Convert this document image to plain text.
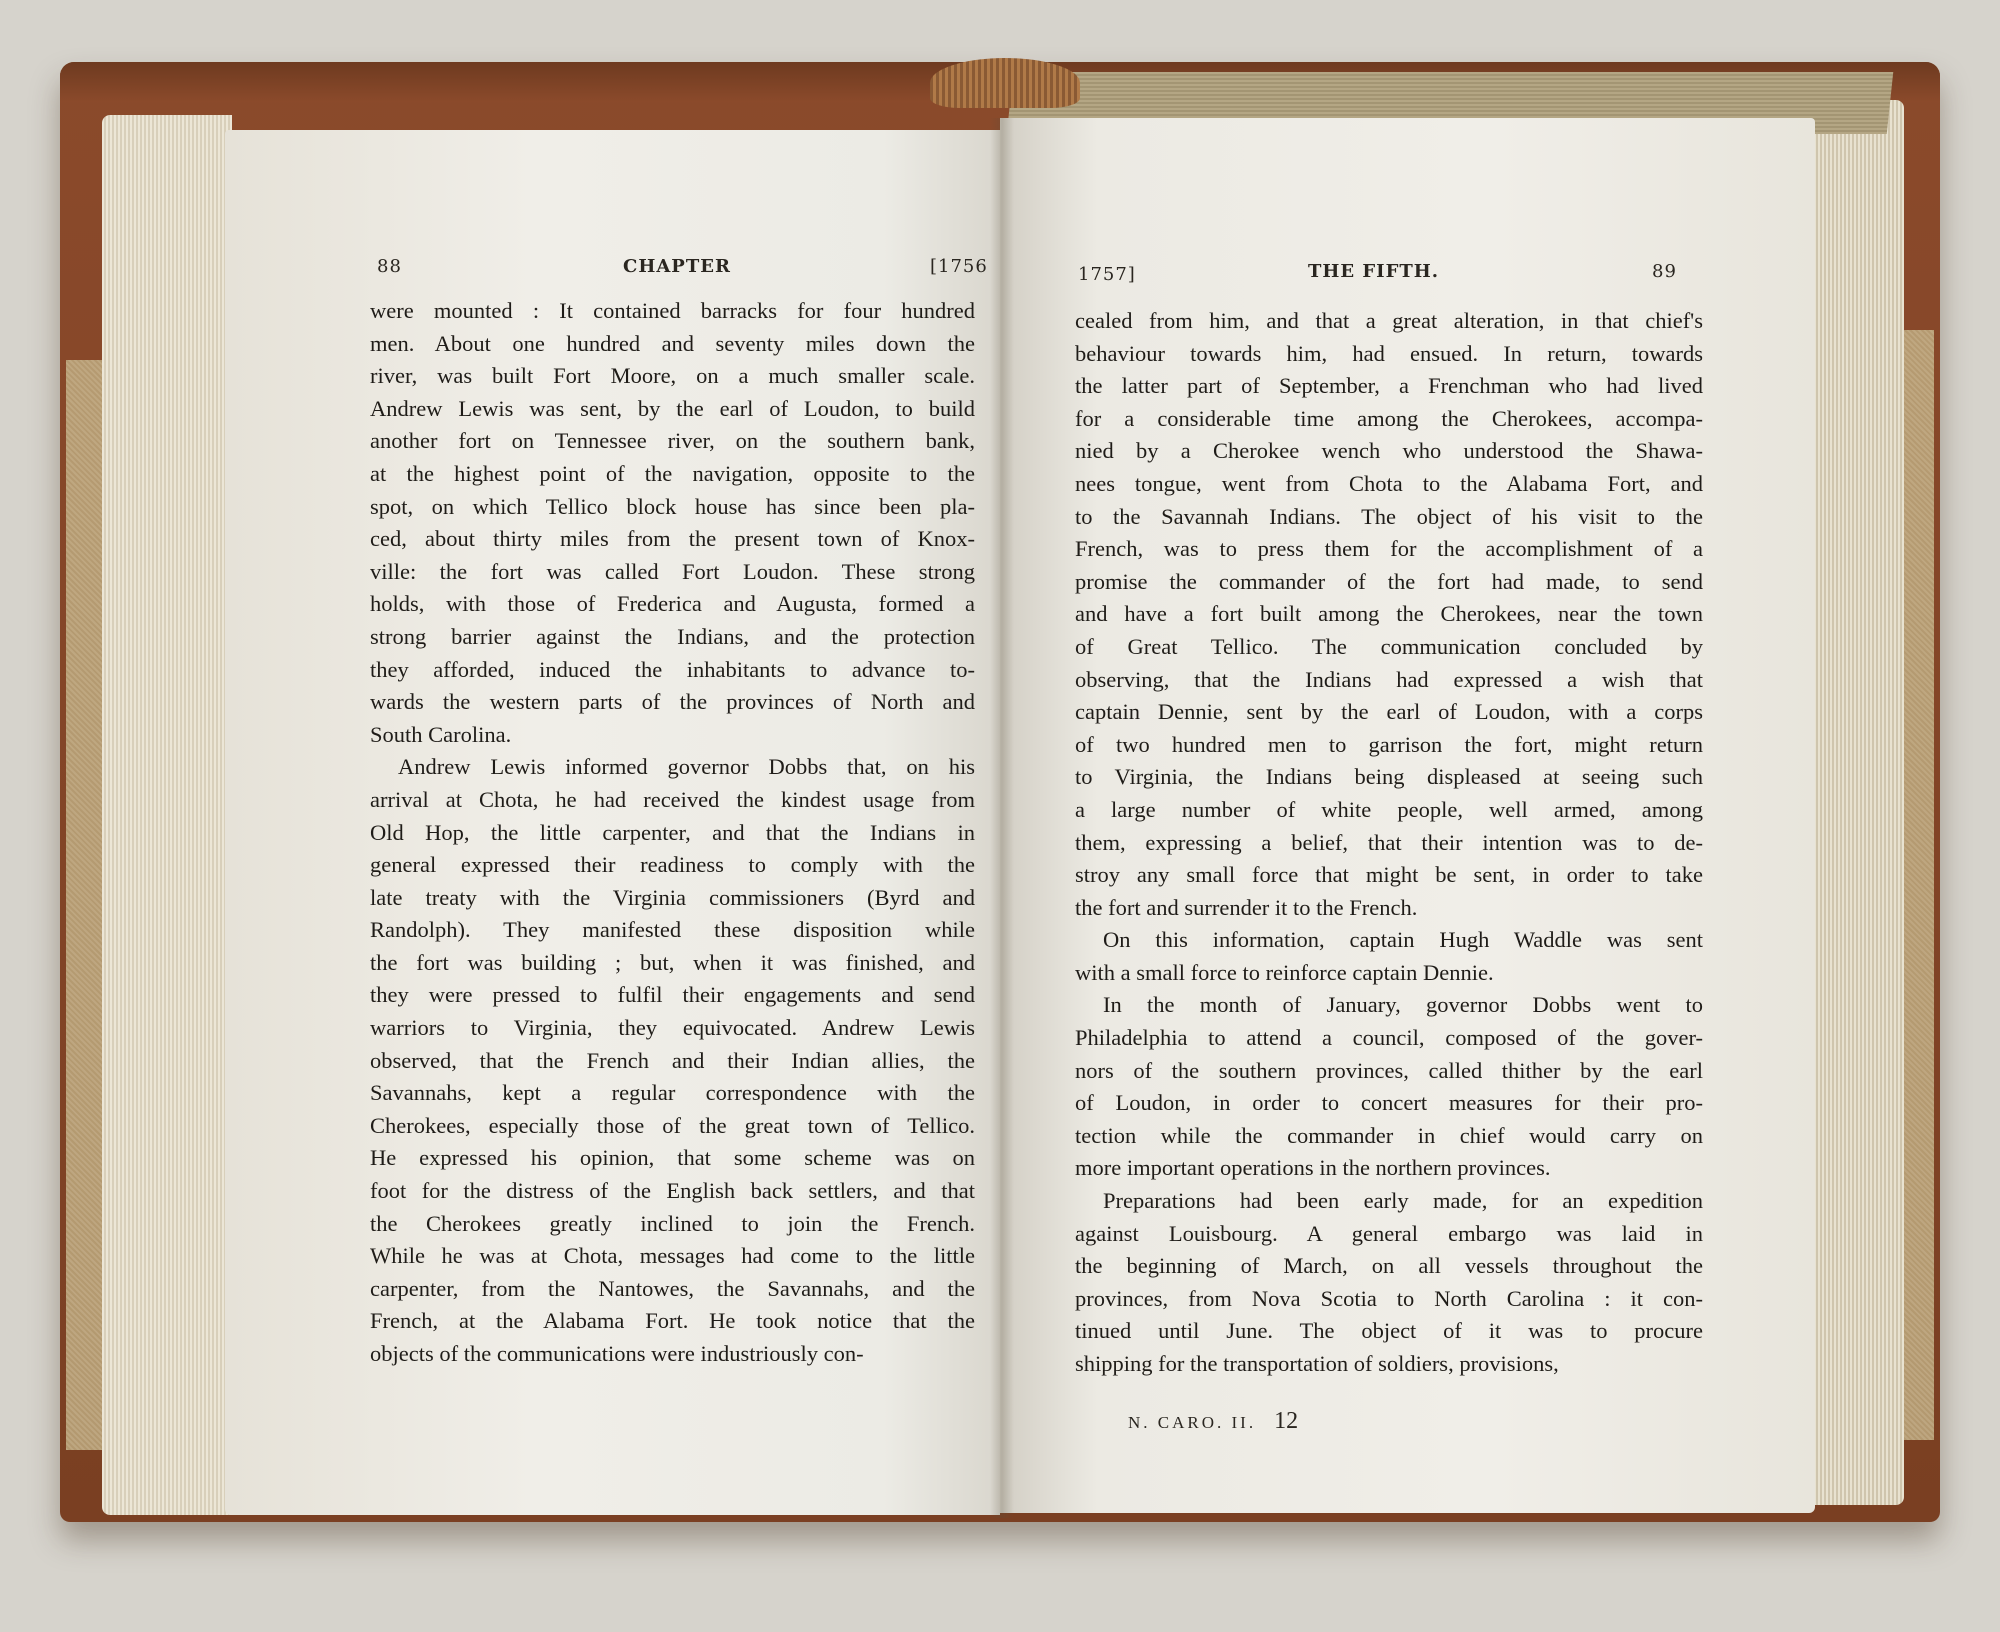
88	CHAPTER	[1756
were mounted : It contained barracks for four hundred
men. About one hundred and seventy miles down the
river, was built Fort Moore, on a much smaller scale.
Andrew Lewis was sent, by the earl of Loudon, to build
another fort on Tennessee river, on the southern bank,
at the highest point of the navigation, opposite to the
spot, on which Tellico block house has since been pla-
ced, about thirty miles from the present town of Knox-
ville: the fort was called Fort Loudon. These strong
holds, with those of Frederica and Augusta, formed a
strong barrier against the Indians, and the protection
they afforded, induced the inhabitants to advance to-
wards the western parts of the provinces of North and
South Carolina.
Andrew Lewis informed governor Dobbs that, on his
arrival at Chota, he had received the kindest usage from
Old Hop, the little carpenter, and that the Indians in
general expressed their readiness to comply with the
late treaty with the Virginia commissioners (Byrd and
Randolph). They manifested these disposition while
the fort was building ; but, when it was finished, and
they were pressed to fulfil their engagements and send
warriors to Virginia, they equivocated. Andrew Lewis
observed, that the French and their Indian allies, the
Savannahs, kept a regular correspondence with the
Cherokees, especially those of the great town of Tellico.
He expressed his opinion, that some scheme was on
foot for the distress of the English back settlers, and that
the Cherokees greatly inclined to join the French.
While he was at Chota, messages had come to the little
carpenter, from the Nantowes, the Savannahs, and the
French, at the Alabama Fort. He took notice that the
objects of the communications were industriously con-
1757]	THE FIFTH.	89
cealed from him, and that a great alteration, in that chief's
behaviour towards him, had ensued. In return, towards
the latter part of September, a Frenchman who had lived
for a considerable time among the Cherokees, accompa-
nied by a Cherokee wench who understood the Shawa-
nees tongue, went from Chota to the Alabama Fort, and
to the Savannah Indians. The object of his visit to the
French, was to press them for the accomplishment of a
promise the commander of the fort had made, to send
and have a fort built among the Cherokees, near the town
of Great Tellico. The communication concluded by
observing, that the Indians had expressed a wish that
captain Dennie, sent by the earl of Loudon, with a corps
of two hundred men to garrison the fort, might return
to Virginia, the Indians being displeased at seeing such
a large number of white people, well armed, among
them, expressing a belief, that their intention was to de-
stroy any small force that might be sent, in order to take
the fort and surrender it to the French.
On this information, captain Hugh Waddle was sent
with a small force to reinforce captain Dennie.
In the month of January, governor Dobbs went to
Philadelphia to attend a council, composed of the gover-
nors of the southern provinces, called thither by the earl
of Loudon, in order to concert measures for their pro-
tection while the commander in chief would carry on
more important operations in the northern provinces.
Preparations had been early made, for an expedition
against Louisbourg. A general embargo was laid in
the beginning of March, on all vessels throughout the
provinces, from Nova Scotia to North Carolina : it con-
tinued until June. The object of it was to procure
shipping for the transportation of soldiers, provisions,
N. CARO. II. 12
